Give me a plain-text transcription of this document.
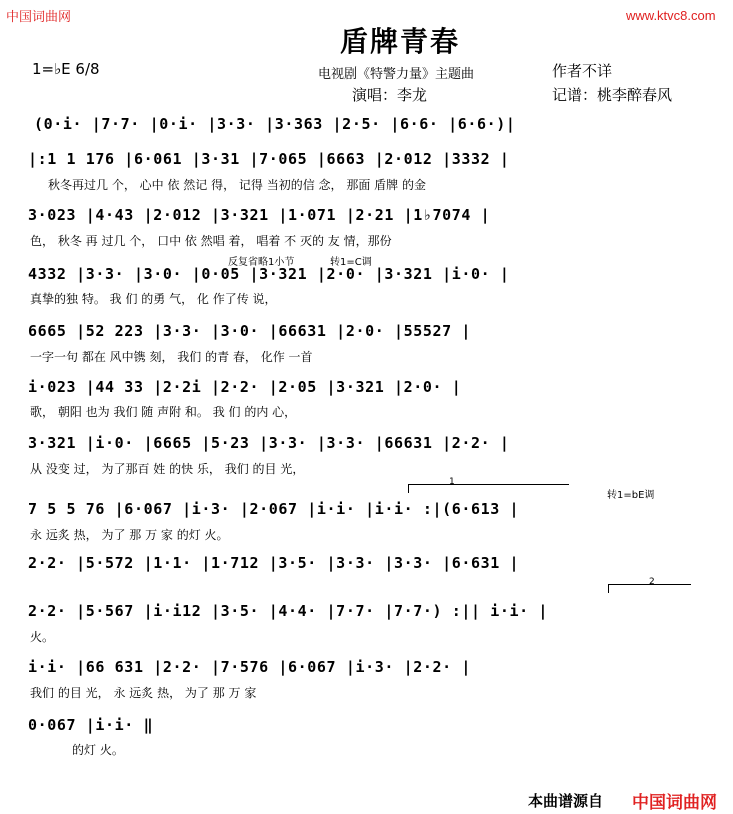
中国词曲网	www.ktvc8.com
盾牌青春
1=♭E 6/8	电视剧《特警力量》主题曲	作者不详
演唱：李龙	记谱：桃李醉春风
反复省略1小节	转1=C调
转1=bE调
1
2
(0·i· |7·7· |0·i· |3·3· |3·363 |2·5· |6·6· |6·6·)|
|:1 1 176 |6·061 |3·31 |7·065 |6663 |2·012 |3332 |
秋冬再过几 个， 心中 依 然记 得， 记得 当初的信 念， 那面 盾牌 的金
3·023 |4·43 |2·012 |3·321 |1·071 |2·21 |1♭7074 |
色， 秋冬 再 过几 个， 口中 依 然唱 着， 唱着 不 灭的 友 情，那份
4332 |3·3· |3·0· |0·05 |3·321 |2·0· |3·321 |i·0· |
真挚的独 特。 我 们 的勇 气， 化 作了传 说，
6665 |52 223 |3·3· |3·0· |66631 |2·0· |55527 |
一字一句 都在 风中镌 刻， 我们 的青 春， 化作 一首
i·023 |44 33 |2·2i |2·2· |2·05 |3·321 |2·0· |
歌， 朝阳 也为 我们 随 声附 和。 我 们 的内 心，
3·321 |i·0· |6665 |5·23 |3·3· |3·3· |66631 |2·2· |
从 没变 过， 为了那百 姓 的快 乐， 我们 的目 光，
7 5 5 76 |6·067 |i·3· |2·067 |i·i· |i·i· :|(6·613 |
永 远炙 热， 为了 那 万 家 的灯 火。
2·2· |5·572 |1·1· |1·712 |3·5· |3·3· |3·3· |6·631 |
2·2· |5·567 |i·i12 |3·5· |4·4· |7·7· |7·7·) :|| i·i· |
火。
i·i· |66 631 |2·2· |7·576 |6·067 |i·3· |2·2· |
我们 的目 光， 永 远炙 热， 为了 那 万 家
0·067 |i·i· ‖
的灯 火。
本曲谱源自 中国词曲网
